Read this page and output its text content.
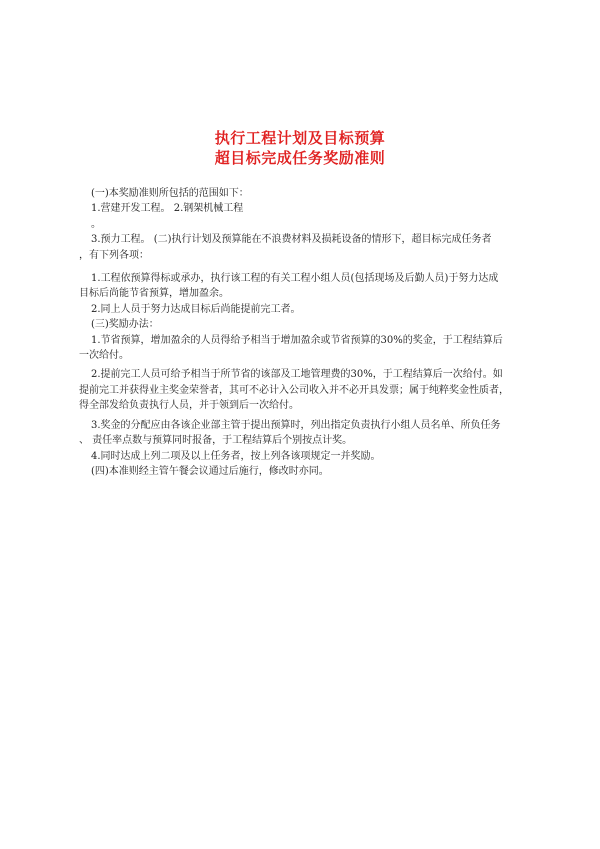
执行工程计划及目标预算

超目标完成任务奖励准则

(一)本奖励准则所包括的范围如下：

1.营建开发工程。 2.钢架机械工程

。

3.预力工程。 (二)执行计划及预算能在不浪费材料及损耗设备的情形下，超目标完成任务者

，有下列各项：

1.工程依预算得标或承办，执行该工程的有关工程小组人员(包括现场及后勤人员)于努力达成

目标后尚能节省预算，增加盈余。

2.同上人员于努力达成目标后尚能提前完工者。

(三)奖励办法：

1.节省预算，增加盈余的人员得给予相当于增加盈余或节省预算的30%的奖金，于工程结算后

一次给付。

2.提前完工人员可给予相当于所节省的该部及工地管理费的30%，于工程结算后一次给付。如

提前完工并获得业主奖金荣誉者，其可不必计入公司收入并不必开具发票；属于纯粹奖金性质者，

得全部发给负责执行人员，并于领到后一次给付。

3.奖金的分配应由各该企业部主管于提出预算时，列出指定负责执行小组人员名单、所负任务

、 责任率点数与预算同时报备，于工程结算后个别按点计奖。

4.同时达成上列二项及以上任务者，按上列各该项规定一并奖励。

(四)本准则经主管午餐会议通过后施行，修改时亦同。
